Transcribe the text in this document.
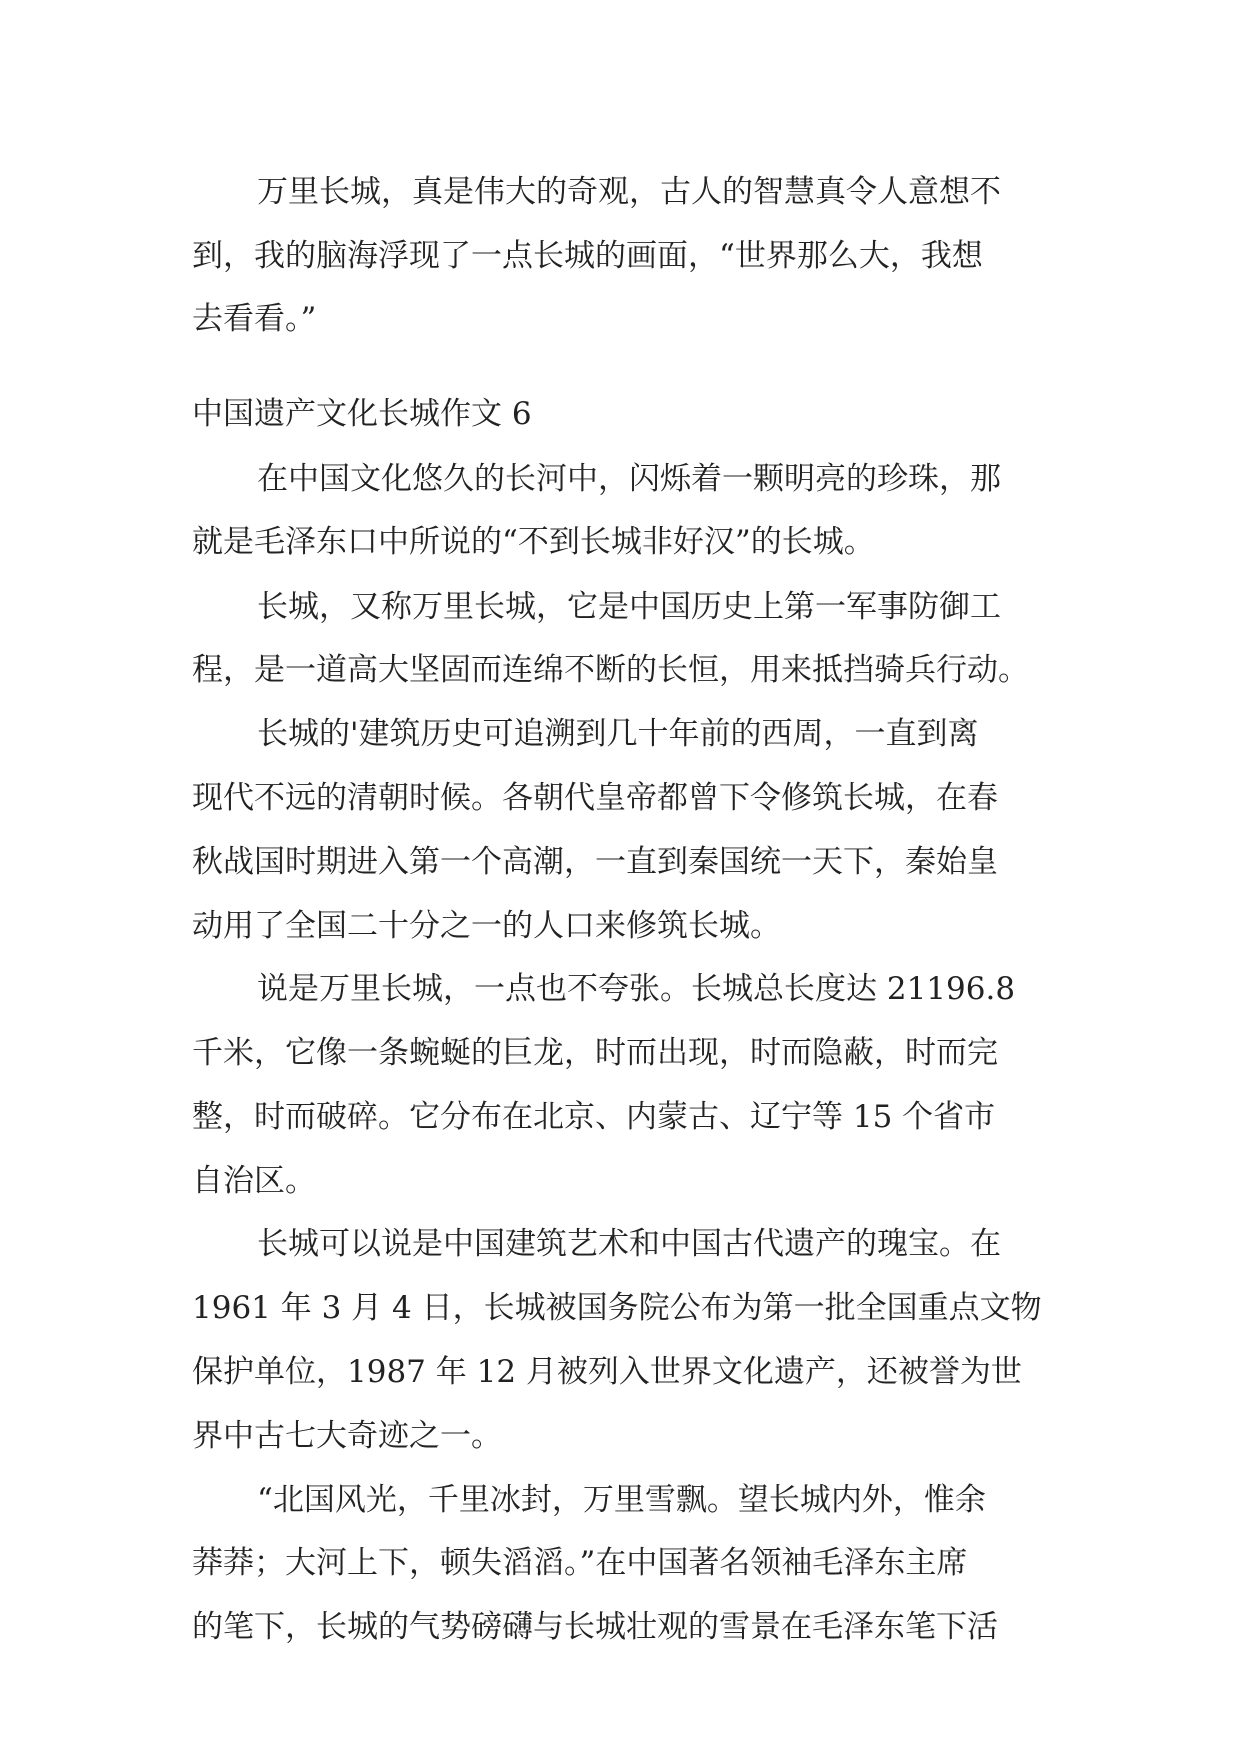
万里长城，真是伟大的奇观，古人的智慧真令人意想不
到，我的脑海浮现了一点长城的画面，“世界那么大，我想
去看看。”
中国遗产文化长城作文 6
在中国文化悠久的长河中，闪烁着一颗明亮的珍珠，那
就是毛泽东口中所说的“不到长城非好汉”的长城。
长城，又称万里长城，它是中国历史上第一军事防御工
程，是一道高大坚固而连绵不断的长恒，用来抵挡骑兵行动。
长城的'建筑历史可追溯到几十年前的西周，一直到离
现代不远的清朝时候。各朝代皇帝都曾下令修筑长城，在春
秋战国时期进入第一个高潮，一直到秦国统一天下，秦始皇
动用了全国二十分之一的人口来修筑长城。
说是万里长城，一点也不夸张。长城总长度达 21196.8
千米，它像一条蜿蜒的巨龙，时而出现，时而隐蔽，时而完
整，时而破碎。它分布在北京、内蒙古、辽宁等 15 个省市
自治区。
长城可以说是中国建筑艺术和中国古代遗产的瑰宝。在
1961 年 3 月 4 日，长城被国务院公布为第一批全国重点文物
保护单位，1987 年 12 月被列入世界文化遗产，还被誉为世
界中古七大奇迹之一。
“北国风光，千里冰封，万里雪飘。望长城内外，惟余
莽莽；大河上下，顿失滔滔。”在中国著名领袖毛泽东主席
的笔下，长城的气势磅礴与长城壮观的雪景在毛泽东笔下活
